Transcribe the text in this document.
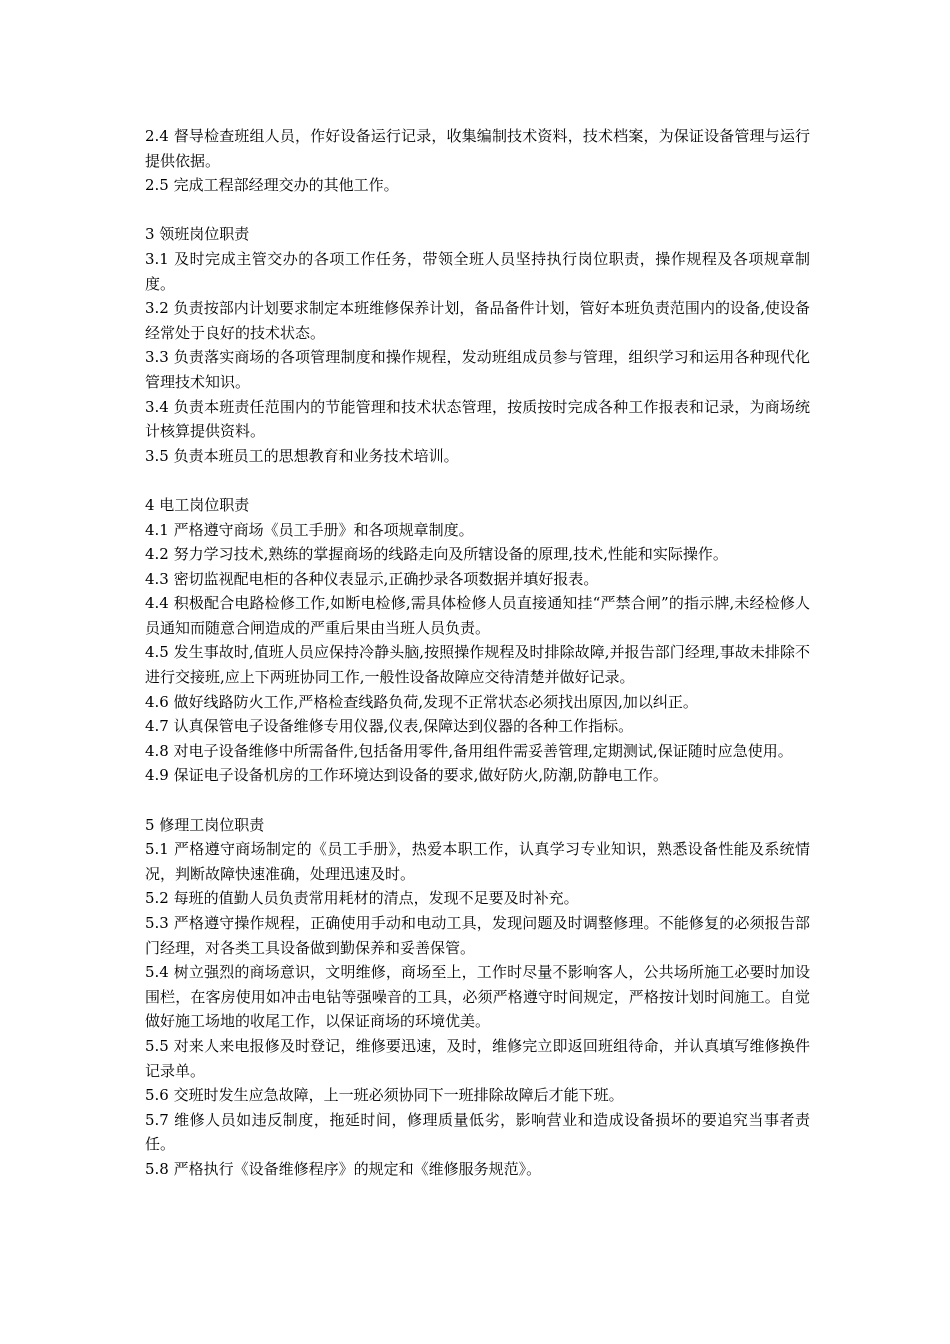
2.4 督导检查班组人员，作好设备运行记录，收集编制技术资料，技术档案，为保证设备管理与运行提供依据。

2.5 完成工程部经理交办的其他工作。

3 领班岗位职责

3.1 及时完成主管交办的各项工作任务，带领全班人员坚持执行岗位职责，操作规程及各项规章制度。

3.2 负责按部内计划要求制定本班维修保养计划，备品备件计划，管好本班负责范围内的设备,使设备经常处于良好的技术状态。

3.3 负责落实商场的各项管理制度和操作规程，发动班组成员参与管理，组织学习和运用各种现代化管理技术知识。

3.4 负责本班责任范围内的节能管理和技术状态管理，按质按时完成各种工作报表和记录，为商场统计核算提供资料。

3.5 负责本班员工的思想教育和业务技术培训。

4 电工岗位职责

4.1 严格遵守商场《员工手册》和各项规章制度。

4.2 努力学习技术,熟练的掌握商场的线路走向及所辖设备的原理,技术,性能和实际操作。

4.3 密切监视配电柜的各种仪表显示,正确抄录各项数据并填好报表。

4.4 积极配合电路检修工作,如断电检修,需具体检修人员直接通知挂“严禁合闸”的指示牌,未经检修人员通知而随意合闸造成的严重后果由当班人员负责。

4.5 发生事故时,值班人员应保持冷静头脑,按照操作规程及时排除故障,并报告部门经理,事故未排除不进行交接班,应上下两班协同工作,一般性设备故障应交待清楚并做好记录。

4.6 做好线路防火工作,严格检查线路负荷,发现不正常状态必须找出原因,加以纠正。

4.7 认真保管电子设备维修专用仪器,仪表,保障达到仪器的各种工作指标。

4.8 对电子设备维修中所需备件,包括备用零件,备用组件需妥善管理,定期测试,保证随时应急使用。

4.9 保证电子设备机房的工作环境达到设备的要求,做好防火,防潮,防静电工作。

5 修理工岗位职责

5.1 严格遵守商场制定的《员工手册》，热爱本职工作，认真学习专业知识，熟悉设备性能及系统情况，判断故障快速准确，处理迅速及时。

5.2 每班的值勤人员负责常用耗材的清点，发现不足要及时补充。

5.3 严格遵守操作规程，正确使用手动和电动工具，发现问题及时调整修理。不能修复的必须报告部门经理，对各类工具设备做到勤保养和妥善保管。

5.4 树立强烈的商场意识，文明维修，商场至上，工作时尽量不影响客人，公共场所施工必要时加设围栏，在客房使用如冲击电钻等强噪音的工具，必须严格遵守时间规定，严格按计划时间施工。自觉做好施工场地的收尾工作，以保证商场的环境优美。

5.5 对来人来电报修及时登记，维修要迅速，及时，维修完立即返回班组待命，并认真填写维修换件记录单。

5.6 交班时发生应急故障，上一班必须协同下一班排除故障后才能下班。

5.7 维修人员如违反制度，拖延时间，修理质量低劣，影响营业和造成设备损坏的要追究当事者责任。

5.8 严格执行《设备维修程序》的规定和《维修服务规范》。
